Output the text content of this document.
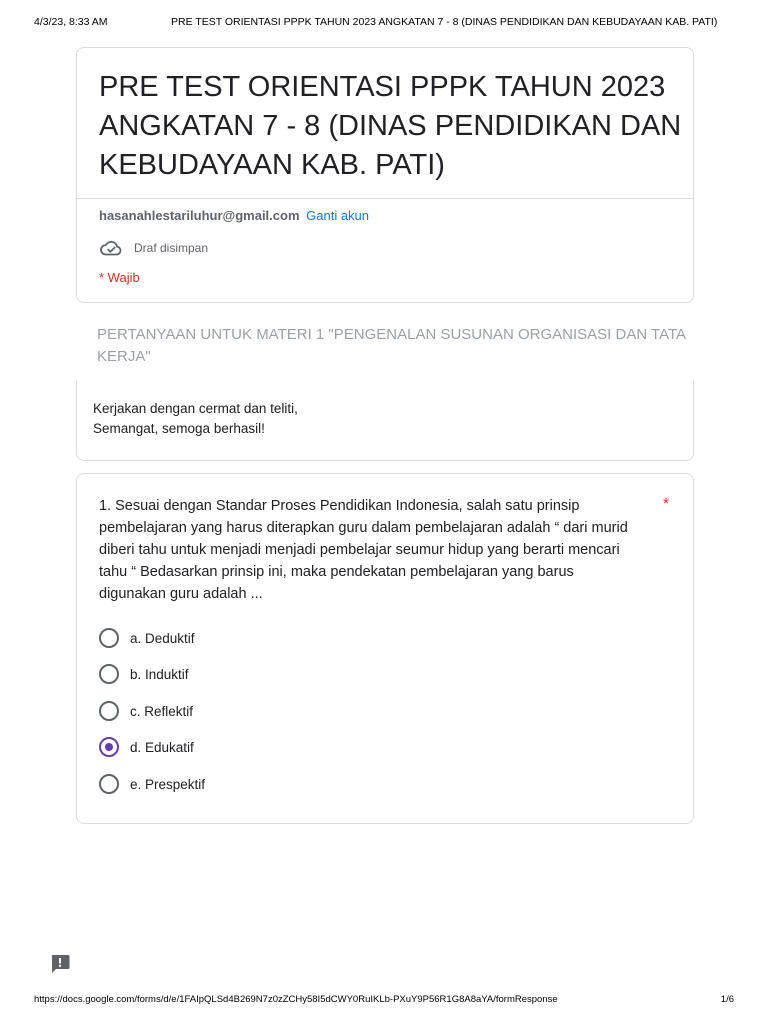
4/3/23, 8:33 AM	PRE TEST ORIENTASI PPPK TAHUN 2023 ANGKATAN 7 - 8 (DINAS PENDIDIKAN DAN KEBUDAYAAN KAB. PATI)
PRE TEST ORIENTASI PPPK TAHUN 2023 ANGKATAN 7 - 8 (DINAS PENDIDIKAN DAN KEBUDAYAAN KAB. PATI)
hasanahlestariluhur@gmail.com Ganti akun
Draf disimpan
* Wajib
PERTANYAAN UNTUK MATERI 1 "PENGENALAN SUSUNAN ORGANISASI DAN TATA KERJA"
Kerjakan dengan cermat dan teliti,
Semangat, semoga berhasil!
1. Sesuai dengan Standar Proses Pendidikan Indonesia, salah satu prinsip pembelajaran yang harus diterapkan guru dalam pembelajaran adalah “ dari murid diberi tahu untuk menjadi menjadi pembelajar seumur hidup yang berarti mencari tahu “ Bedasarkan prinsip ini, maka pendekatan pembelajaran yang barus digunakan guru adalah ...
*
a. Deduktif
b. Induktif
c. Reflektif
d. Edukatif
e. Prespektif
https://docs.google.com/forms/d/e/1FAIpQLSd4B269N7z0zZCHy58I5dCWY0RuIKLb-PXuY9P56R1G8A8aYA/formResponse	1/6
